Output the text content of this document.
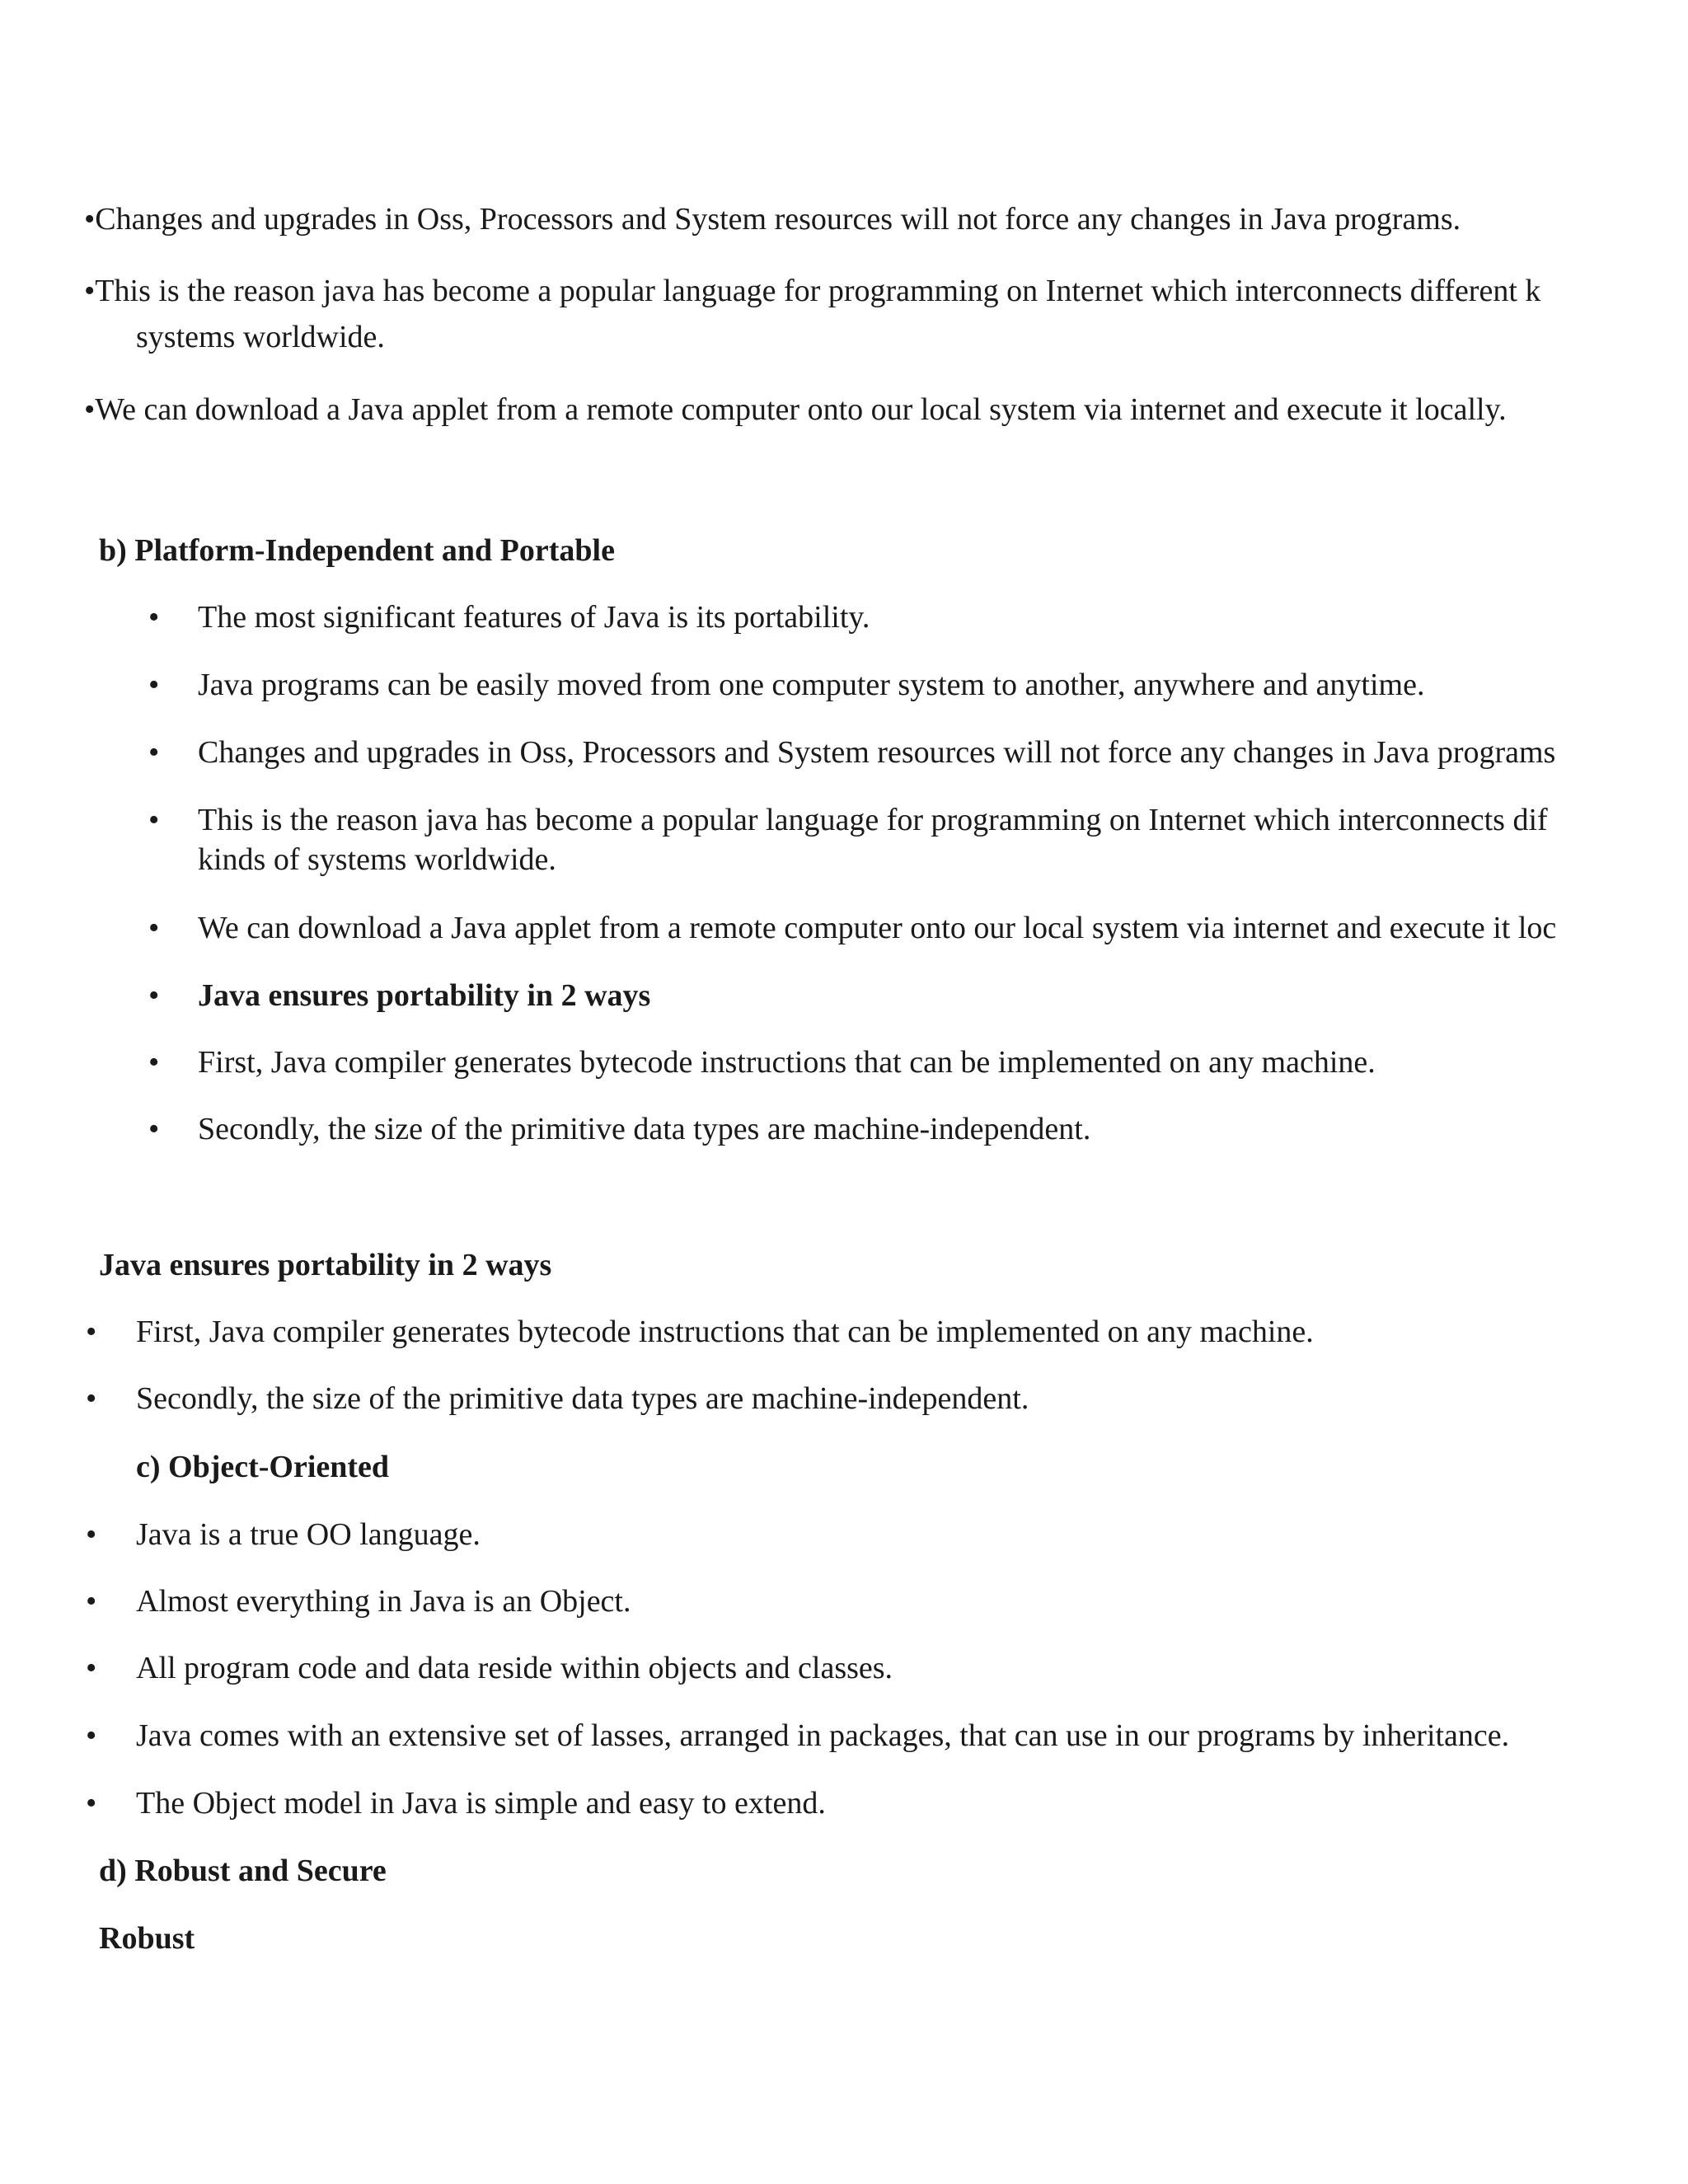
•Changes and upgrades in Oss, Processors and System resources will not force any changes in Java programs.
•This is the reason java has become a popular language for programming on Internet which interconnects different k
systems worldwide.
•We can download a Java applet from a remote computer onto our local system via internet and execute it locally.
b) Platform-Independent and Portable
• The most significant features of Java is its portability.
• Java programs can be easily moved from one computer system to another, anywhere and anytime.
• Changes and upgrades in Oss, Processors and System resources will not force any changes in Java programs
• This is the reason java has become a popular language for programming on Internet which interconnects dif
kinds of systems worldwide.
• We can download a Java applet from a remote computer onto our local system via internet and execute it loc
• Java ensures portability in 2 ways
• First, Java compiler generates bytecode instructions that can be implemented on any machine.
• Secondly, the size of the primitive data types are machine-independent.
Java ensures portability in 2 ways
• First, Java compiler generates bytecode instructions that can be implemented on any machine.
• Secondly, the size of the primitive data types are machine-independent.
c) Object-Oriented
• Java is a true OO language.
• Almost everything in Java is an Object.
• All program code and data reside within objects and classes.
• Java comes with an extensive set of lasses, arranged in packages, that can use in our programs by inheritance.
• The Object model in Java is simple and easy to extend.
d) Robust and Secure
Robust
